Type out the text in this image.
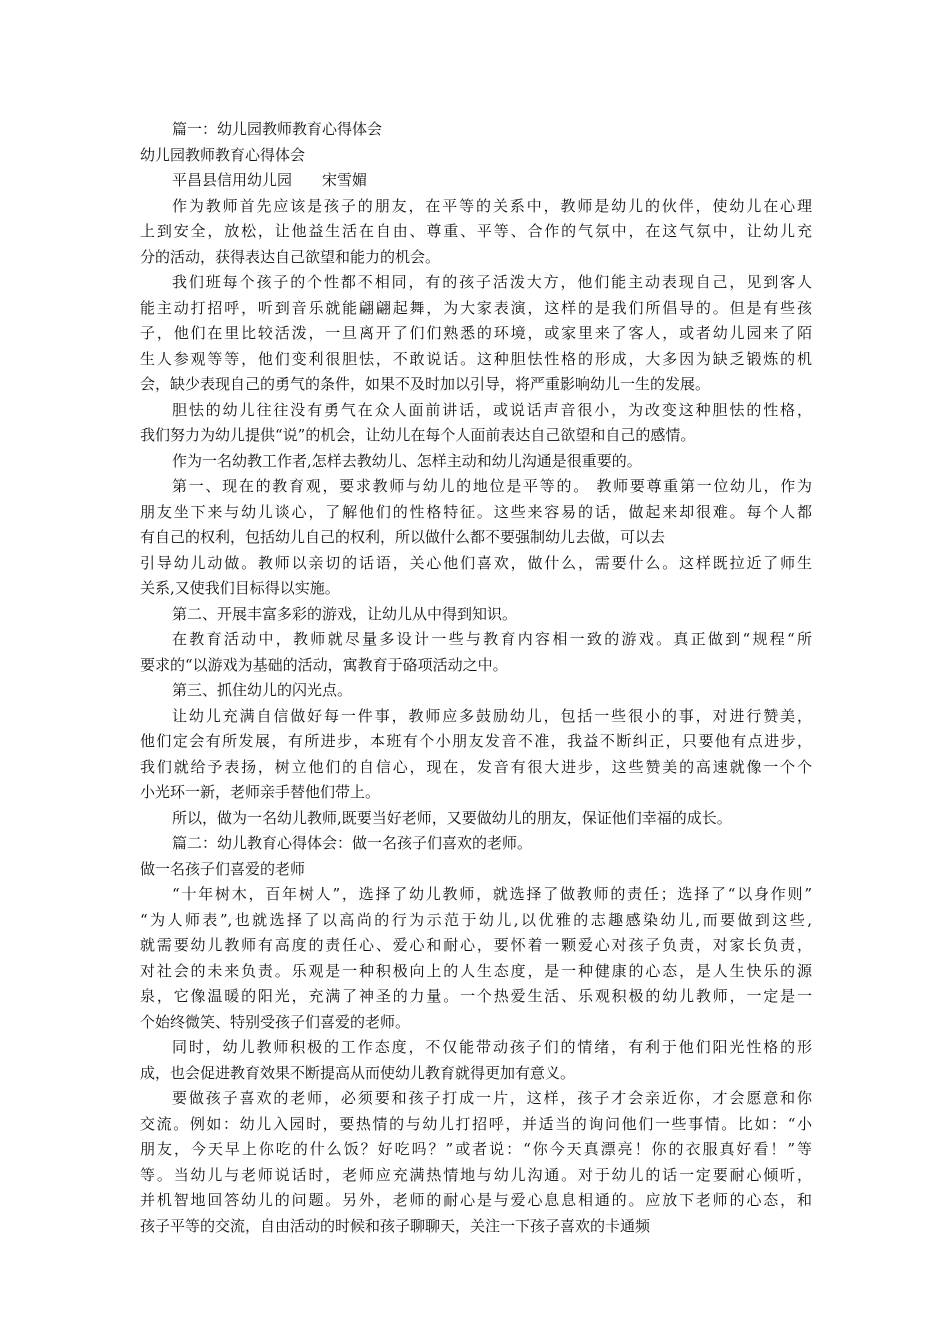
篇一：幼儿园教师教育心得体会
幼儿园教师教育心得体会
平昌县信用幼儿园　　宋雪媚
作为教师首先应该是孩子的朋友，在平等的关系中，教师是幼儿的伙伴，使幼儿在心理
上到安全，放松，让他益生活在自由、尊重、平等、合作的气氛中，在这气氛中，让幼儿充
分的活动，获得表达自己欲望和能力的机会。
我们班每个孩子的个性都不相同，有的孩子活泼大方，他们能主动表现自己，见到客人
能主动打招呼，听到音乐就能翩翩起舞，为大家表演，这样的是我们所倡导的。但是有些孩
子，他们在里比较活泼，一旦离开了们们熟悉的环境，或家里来了客人，或者幼儿园来了陌
生人参观等等，他们变利很胆怯，不敢说话。这种胆怯性格的形成，大多因为缺乏锻炼的机
会，缺少表现自己的勇气的条件，如果不及时加以引导，将严重影响幼儿一生的发展。
胆怯的幼儿往往没有勇气在众人面前讲话，或说话声音很小，为改变这种胆怯的性格，
我们努力为幼儿提供“说”的机会，让幼儿在每个人面前表达自己欲望和自己的感情。
作为一名幼教工作者,怎样去教幼儿、怎样主动和幼儿沟通是很重要的。
第一、现在的教育观，要求教师与幼儿的地位是平等的。 教师要尊重第一位幼儿，作为
朋友坐下来与幼儿谈心，了解他们的性格特征。这些来容易的话，做起来却很难。每个人都
有自己的权利，包括幼儿自己的权利，所以做什么都不要强制幼儿去做，可以去
引导幼儿动做。教师以亲切的话语，关心他们喜欢，做什么，需要什么。这样既拉近了师生
关系,又使我们目标得以实施。
第二、开展丰富多彩的游戏，让幼儿从中得到知识。
在教育活动中，教师就尽量多设计一些与教育内容相一致的游戏。真正做到“规程“所
要求的“以游戏为基础的活动，寓教育于硌项活动之中。
第三、抓住幼儿的闪光点。
让幼儿充满自信做好每一件事，教师应多鼓励幼儿，包括一些很小的事，对进行赞美，
他们定会有所发展，有所进步，本班有个小朋友发音不准，我益不断纠正，只要他有点进步，
我们就给予表扬，树立他们的自信心，现在，发音有很大进步，这些赞美的高速就像一个个
小光环一新，老师亲手替他们带上。
所以，做为一名幼儿教师,既要当好老师，又要做幼儿的朋友，保证他们幸福的成长。
篇二：幼儿教育心得体会：做一名孩子们喜欢的老师。
做一名孩子们喜爱的老师
“十年树木，百年树人”，选择了幼儿教师，就选择了做教师的责任；选择了“以身作则”
“为人师表”,也就选择了以高尚的行为示范于幼儿,以优雅的志趣感染幼儿,而要做到这些,
就需要幼儿教师有高度的责任心、爱心和耐心，要怀着一颗爱心对孩子负责，对家长负责，
对社会的未来负责。乐观是一种积极向上的人生态度，是一种健康的心态，是人生快乐的源
泉，它像温暖的阳光，充满了神圣的力量。一个热爱生活、乐观积极的幼儿教师，一定是一
个始终微笑、特别受孩子们喜爱的老师。
同时，幼儿教师积极的工作态度，不仅能带动孩子们的情绪，有利于他们阳光性格的形
成，也会促进教育效果不断提高从而使幼儿教育就得更加有意义。
要做孩子喜欢的老师，必须要和孩子打成一片，这样，孩子才会亲近你，才会愿意和你
交流。例如：幼儿入园时，要热情的与幼儿打招呼，并适当的询问他们一些事情。比如：“小
朋友，今天早上你吃的什么饭？好吃吗？”或者说：“你今天真漂亮！你的衣服真好看！”等
等。当幼儿与老师说话时，老师应充满热情地与幼儿沟通。对于幼儿的话一定要耐心倾听，
并机智地回答幼儿的问题。另外，老师的耐心是与爱心息息相通的。应放下老师的心态，和
孩子平等的交流，自由活动的时候和孩子聊聊天，关注一下孩子喜欢的卡通频
